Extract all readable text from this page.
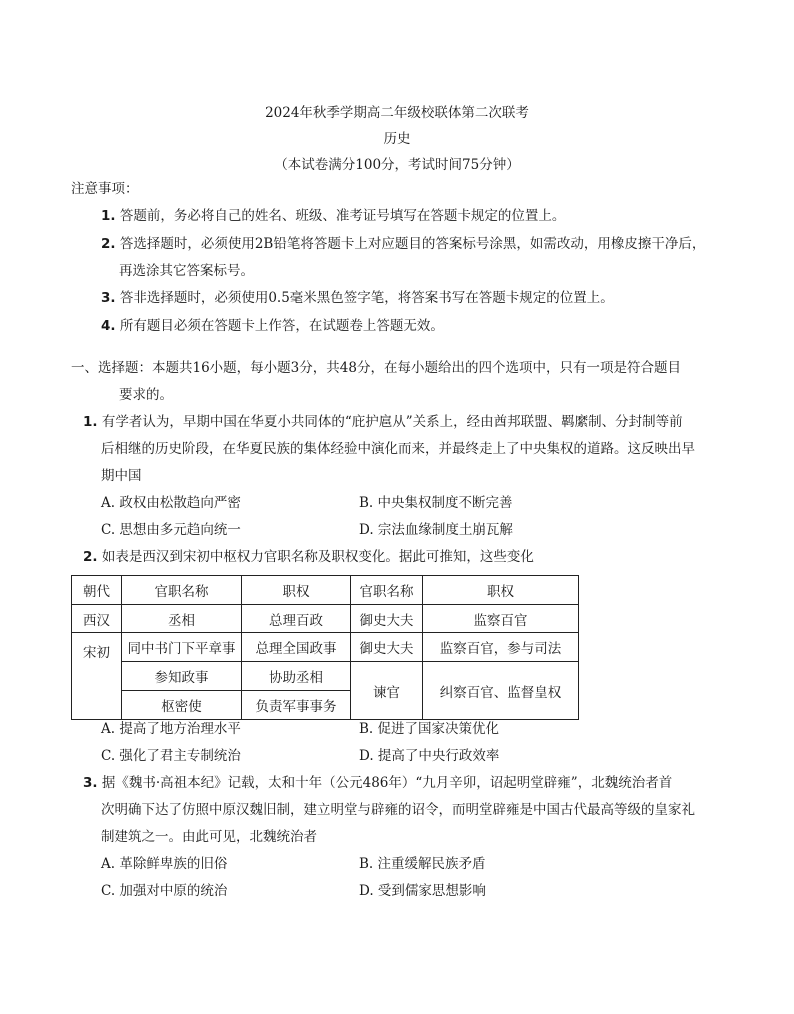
2024年秋季学期高二年级校联体第二次联考
历史
（本试卷满分100分，考试时间75分钟）
注意事项：
1. 答题前，务必将自己的姓名、班级、准考证号填写在答题卡规定的位置上。
2. 答选择题时，必须使用2B铅笔将答题卡上对应题目的答案标号涂黑，如需改动，用橡皮擦干净后，
再选涂其它答案标号。
3. 答非选择题时，必须使用0.5毫米黑色签字笔，将答案书写在答题卡规定的位置上。
4. 所有题目必须在答题卡上作答，在试题卷上答题无效。
一、选择题：本题共16小题，每小题3分，共48分，在每小题给出的四个选项中，只有一项是符合题目
要求的。
1. 有学者认为，早期中国在华夏小共同体的“庇护扈从”关系上，经由酋邦联盟、羁縻制、分封制等前
后相继的历史阶段，在华夏民族的集体经验中演化而来，并最终走上了中央集权的道路。这反映出早
期中国
A. 政权由松散趋向严密	B. 中央集权制度不断完善
C. 思想由多元趋向统一	D. 宗法血缘制度土崩瓦解
2. 如表是西汉到宋初中枢权力官职名称及职权变化。据此可推知，这些变化
朝代	官职名称	职权	官职名称	职权
西汉	丞相	总理百政	御史大夫	监察百官
宋初	同中书门下平章事	总理全国政事	御史大夫	监察百官，参与司法
	参知政事	协助丞相	谏官	纠察百官、监督皇权
	枢密使	负责军事事务		
A. 提高了地方治理水平	B. 促进了国家决策优化
C. 强化了君主专制统治	D. 提高了中央行政效率
3. 据《魏书·高祖本纪》记载，太和十年（公元486年）“九月辛卯，诏起明堂辟雍”，北魏统治者首
次明确下达了仿照中原汉魏旧制，建立明堂与辟雍的诏令，而明堂辟雍是中国古代最高等级的皇家礼
制建筑之一。由此可见，北魏统治者
A. 革除鲜卑族的旧俗	B. 注重缓解民族矛盾
C. 加强对中原的统治	D. 受到儒家思想影响
